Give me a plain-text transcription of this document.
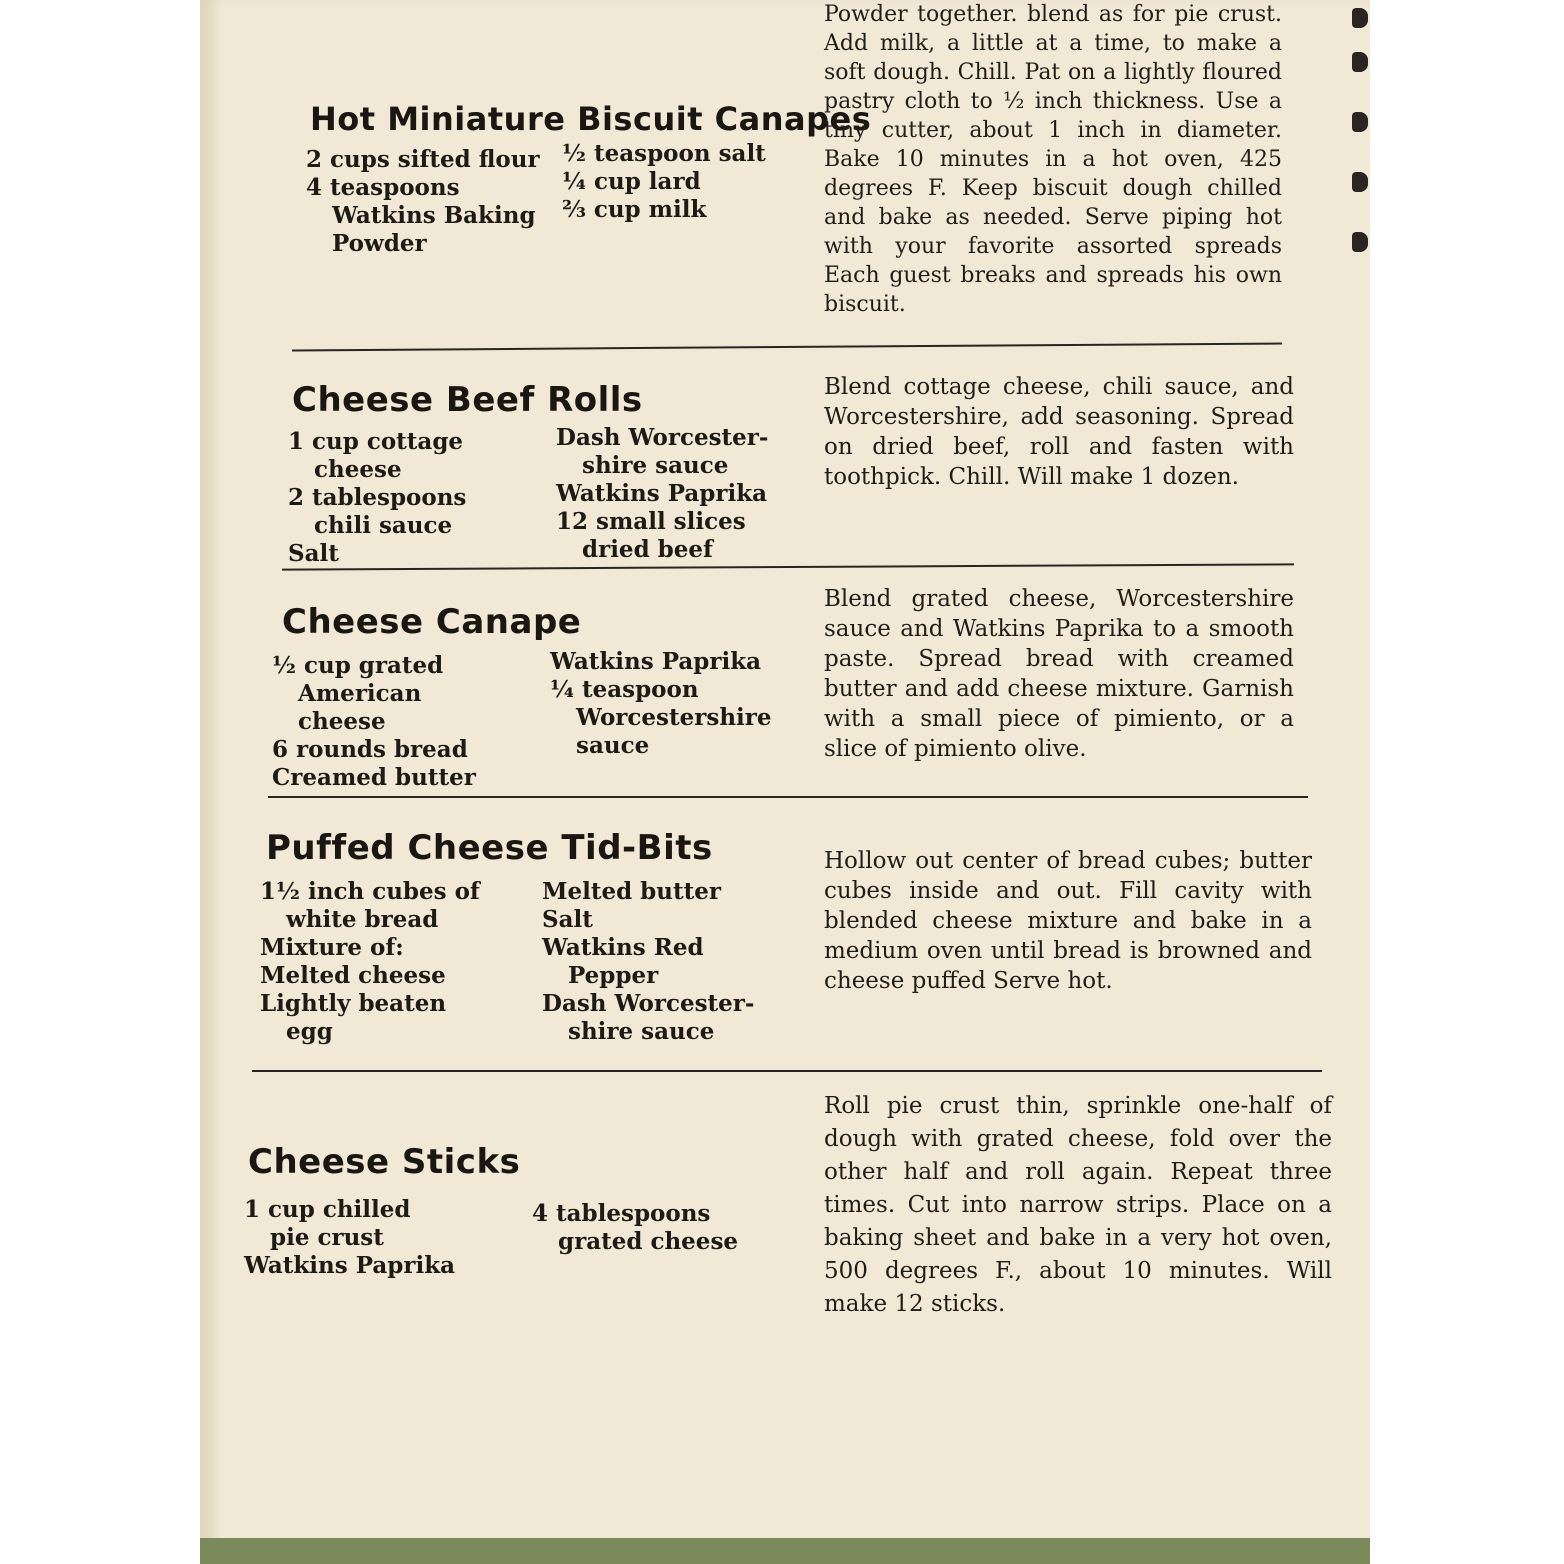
Hot Miniature Biscuit Canapes
2 cups sifted flour
4 teaspoons
Watkins Baking
Powder
½ teaspoon salt
¼ cup lard
⅔ cup milk
Powder together. blend as for pie crust. Add milk, a little at a time, to make a soft dough. Chill. Pat on a lightly floured pastry cloth to ½ inch thickness. Use a tiny cutter, about 1 inch in diameter. Bake 10 minutes in a hot oven, 425 degrees F. Keep biscuit dough chilled and bake as needed. Serve piping hot with your favorite assorted spreads Each guest breaks and spreads his own biscuit.
Cheese Beef Rolls
1 cup cottage
cheese
2 tablespoons
chili sauce
Salt
Dash Worcester-
shire sauce
Watkins Paprika
12 small slices
dried beef
Blend cottage cheese, chili sauce, and Worcestershire, add seasoning. Spread on dried beef, roll and fasten with toothpick. Chill. Will make 1 dozen.
Cheese Canape
½ cup grated
American
cheese
6 rounds bread
Creamed butter
Watkins Paprika
¼ teaspoon
Worcestershire
sauce
Blend grated cheese, Worcestershire sauce and Watkins Paprika to a smooth paste. Spread bread with creamed butter and add cheese mixture. Garnish with a small piece of pimiento, or a slice of pimiento olive.
Puffed Cheese Tid-Bits
1½ inch cubes of
white bread
Mixture of:
Melted cheese
Lightly beaten
egg
Melted butter
Salt
Watkins Red
Pepper
Dash Worcester-
shire sauce
Hollow out center of bread cubes; butter cubes inside and out. Fill cavity with blended cheese mixture and bake in a medium oven until bread is browned and cheese puffed Serve hot.
Cheese Sticks
1 cup chilled
pie crust
Watkins Paprika
4 tablespoons
grated cheese
Roll pie crust thin, sprinkle one-half of dough with grated cheese, fold over the other half and roll again. Repeat three times. Cut into narrow strips. Place on a baking sheet and bake in a very hot oven, 500 degrees F., about 10 minutes. Will make 12 sticks.
